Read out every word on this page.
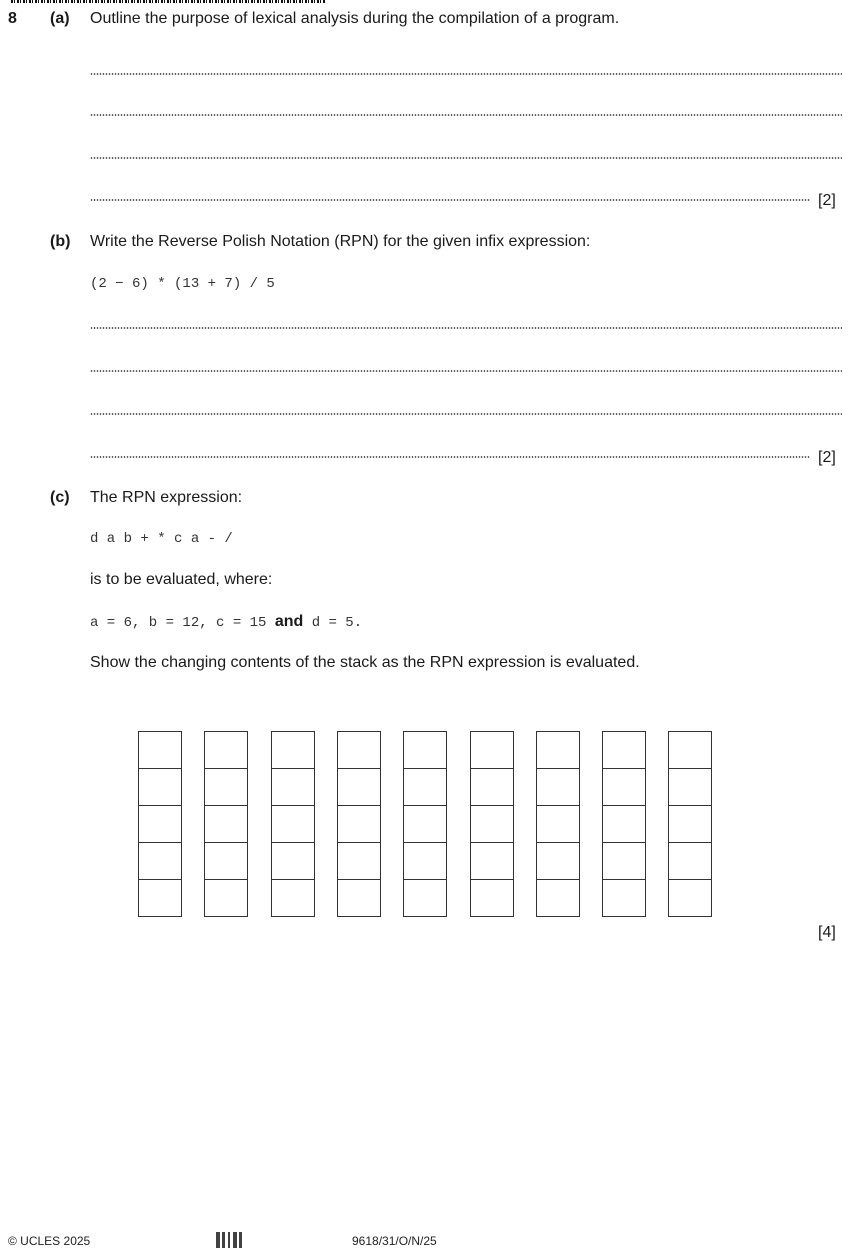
8 (a) Outline the purpose of lexical analysis during the compilation of a program.
[2]
(b) Write the Reverse Polish Notation (RPN) for the given infix expression:
(2 − 6) * (13 + 7) / 5
[2]
(c) The RPN expression:
d a b + * c a - /
is to be evaluated, where:
a = 6, b = 12, c = 15 and d = 5.
Show the changing contents of the stack as the RPN expression is evaluated.
[4]
© UCLES 2025	9618/31/O/N/25
